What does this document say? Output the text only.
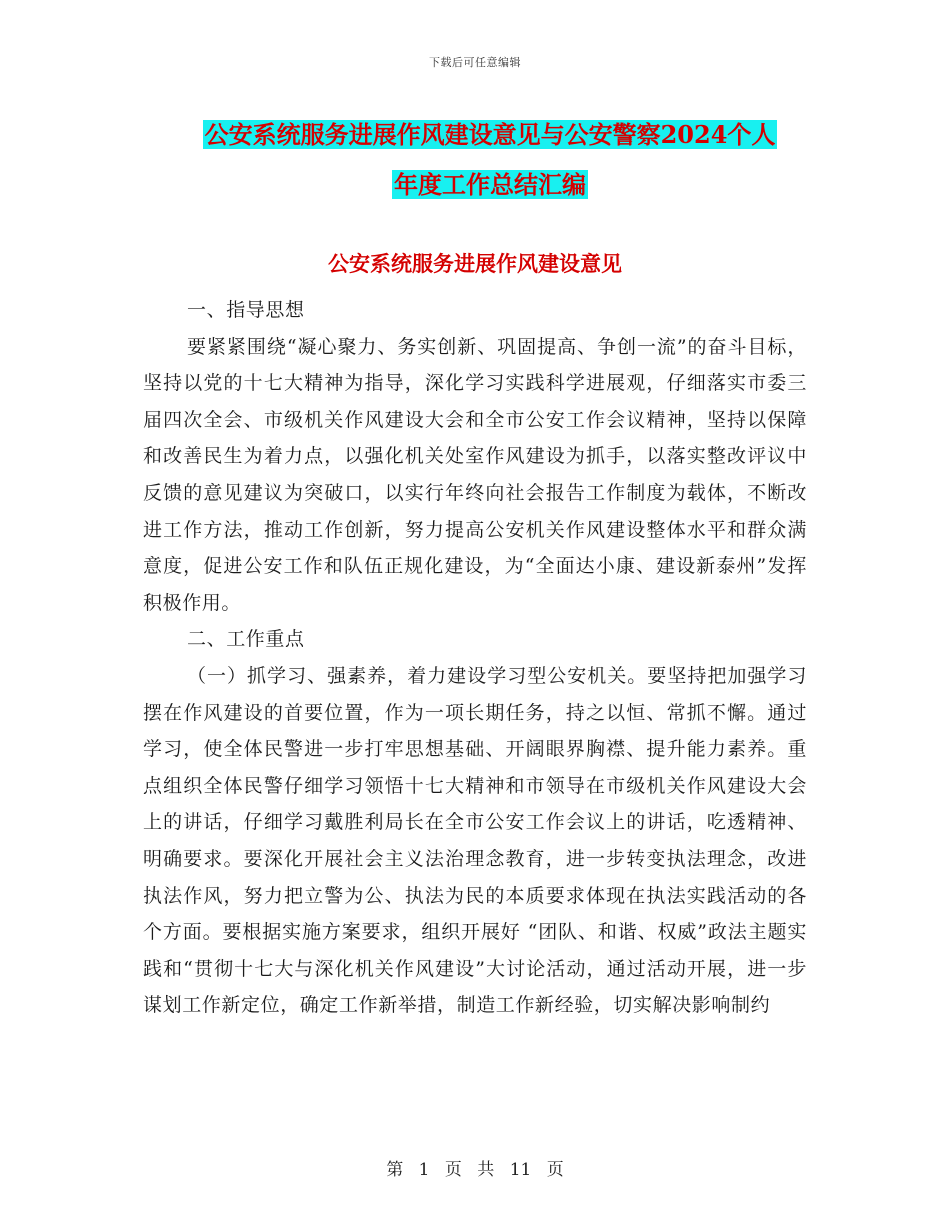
下载后可任意编辑
公安系统服务进展作风建设意见与公安警察2024个人
年度工作总结汇编
公安系统服务进展作风建设意见

一、指导思想

要紧紧围绕“凝心聚力、务实创新、巩固提高、争创一流”的奋斗目标，坚持以党的十七大精神为指导，深化学习实践科学进展观，仔细落实市委三届四次全会、市级机关作风建设大会和全市公安工作会议精神，坚持以保障和改善民生为着力点，以强化机关处室作风建设为抓手，以落实整改评议中反馈的意见建议为突破口，以实行年终向社会报告工作制度为载体，不断改进工作方法，推动工作创新，努力提高公安机关作风建设整体水平和群众满意度，促进公安工作和队伍正规化建设，为“全面达小康、建设新泰州”发挥积极作用。

二、工作重点

（一）抓学习、强素养，着力建设学习型公安机关。要坚持把加强学习摆在作风建设的首要位置，作为一项长期任务，持之以恒、常抓不懈。通过学习，使全体民警进一步打牢思想基础、开阔眼界胸襟、提升能力素养。重点组织全体民警仔细学习领悟十七大精神和市领导在市级机关作风建设大会上的讲话，仔细学习戴胜利局长在全市公安工作会议上的讲话，吃透精神、明确要求。要深化开展社会主义法治理念教育，进一步转变执法理念，改进执法作风，努力把立警为公、执法为民的本质要求体现在执法实践活动的各个方面。要根据实施方案要求，组织开展好 “团队、和谐、权威”政法主题实践和“贯彻十七大与深化机关作风建设”大讨论活动，通过活动开展，进一步谋划工作新定位，确定工作新举措，制造工作新经验，切实解决影响制约

第 1 页 共 11 页
